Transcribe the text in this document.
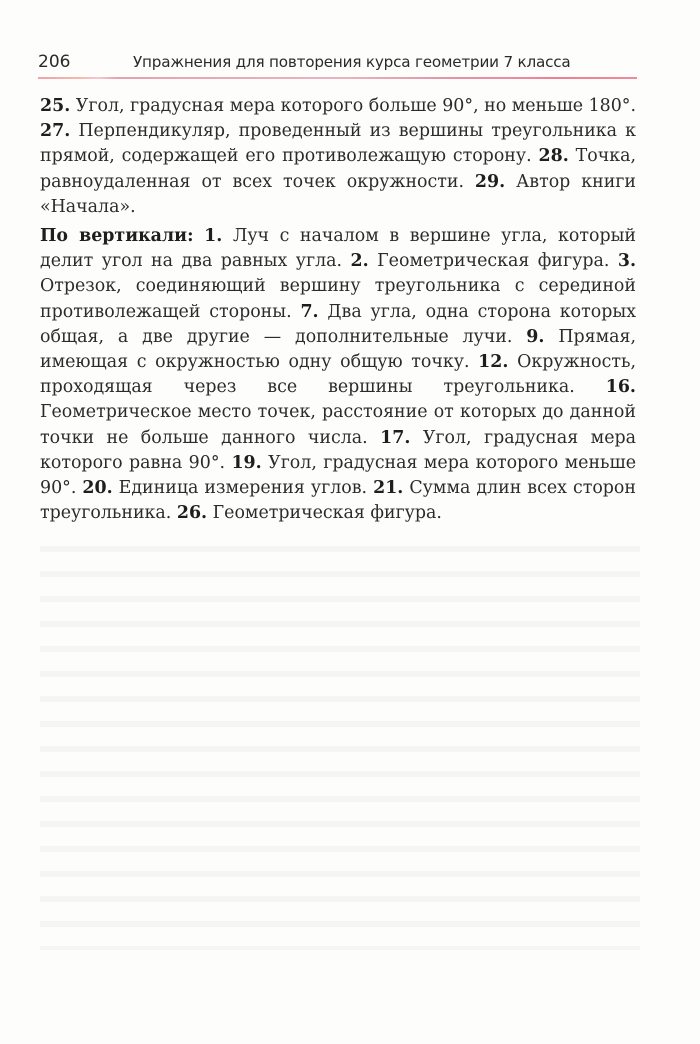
206	Упражнения для повторения курса геометрии 7 класса

25. Угол, градусная мера которого больше 90°, но меньше 180°. 27. Перпендикуляр, проведенный из вершины треугольника к прямой, содержащей его противолежащую сторону. 28. Точка, равноудаленная от всех точек окружности. 29. Автор книги «Начала».

По вертикали: 1. Луч с началом в вершине угла, который делит угол на два равных угла. 2. Геометрическая фигура. 3. Отрезок, соединяющий вершину треугольника с серединой противолежащей стороны. 7. Два угла, одна сторона которых общая, а две другие — дополнительные лучи. 9. Прямая, имеющая с окружностью одну общую точку. 12. Окружность, проходящая через все вершины треугольника. 16. Геометрическое место точек, расстояние от которых до данной точки не больше данного числа. 17. Угол, градусная мера которого равна 90°. 19. Угол, градусная мера которого меньше 90°. 20. Единица измерения углов. 21. Сумма длин всех сторон треугольника. 26. Геометрическая фигура.
